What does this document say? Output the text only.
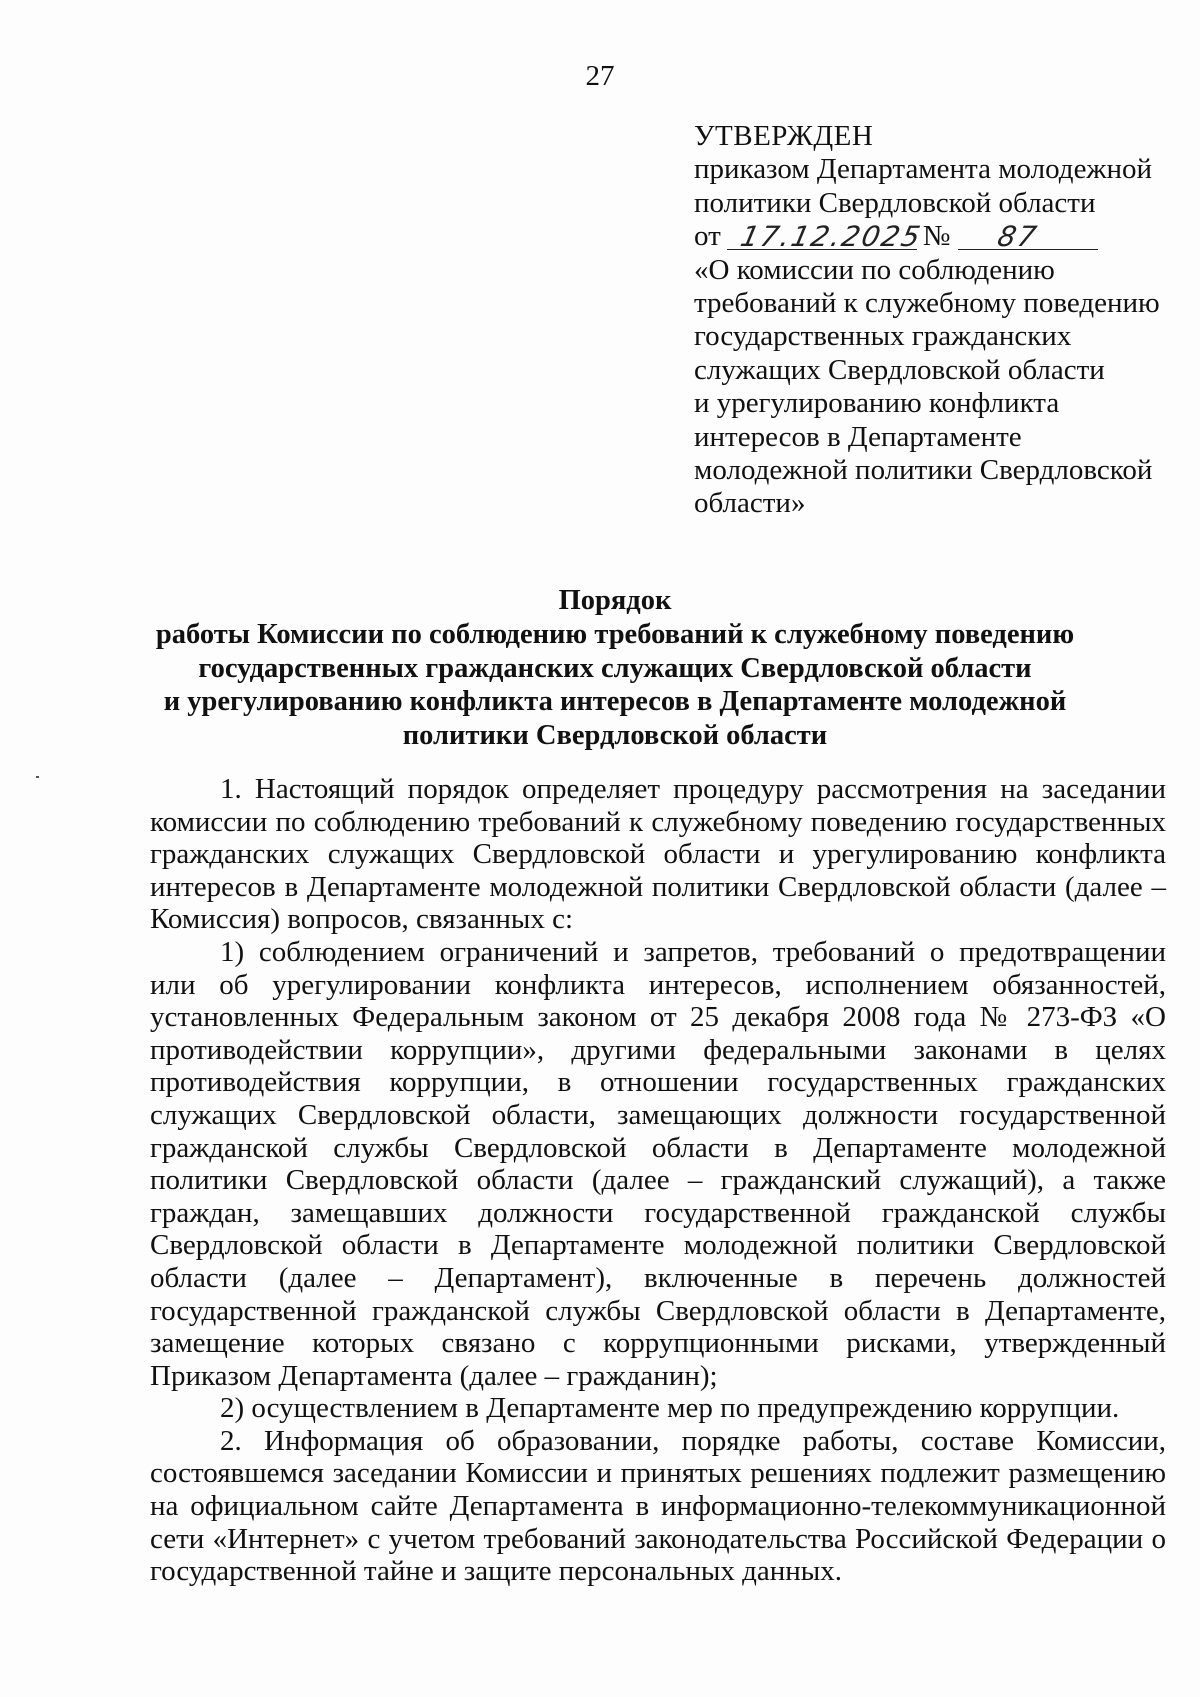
27
УТВЕРЖДЕН
приказом Департамента молодежной
политики Свердловской области
от 17.12.2025
№ 87
«О комиссии по соблюдению
требований к служебному поведению
государственных гражданских
служащих Свердловской области
и урегулированию конфликта
интересов в Департаменте
молодежной политики Свердловской
области»
Порядок
работы Комиссии по соблюдению требований к служебному поведению
государственных гражданских служащих Свердловской области
и урегулированию конфликта интересов в Департаменте молодежной
политики Свердловской области

1. Настоящий порядок определяет процедуру рассмотрения на заседании комиссии по соблюдению требований к служебному поведению государственных гражданских служащих Свердловской области и урегулированию конфликта интересов в Департаменте молодежной политики Свердловской области (далее – Комиссия) вопросов, связанных с:

1) соблюдением ограничений и запретов, требований о предотвращении или об урегулировании конфликта интересов, исполнением обязанностей, установленных Федеральным законом от 25 декабря 2008 года № 273-ФЗ «О противодействии коррупции», другими федеральными законами в целях противодействия коррупции, в отношении государственных гражданских служащих Свердловской области, замещающих должности государственной гражданской службы Свердловской области в Департаменте молодежной политики Свердловской области (далее – гражданский служащий), а также граждан, замещавших должности государственной гражданской службы Свердловской области в Департаменте молодежной политики Свердловской области (далее – Департамент), включенные в перечень должностей государственной гражданской службы Свердловской области в Департаменте, замещение которых связано с коррупционными рисками, утвержденный Приказом Департамента (далее – гражданин);

2) осуществлением в Департаменте мер по предупреждению коррупции.

2. Информация об образовании, порядке работы, составе Комиссии, состоявшемся заседании Комиссии и принятых решениях подлежит размещению на официальном сайте Департамента в информационно-телекоммуникационной сети «Интернет» с учетом требований законодательства Российской Федерации о государственной тайне и защите персональных данных.
